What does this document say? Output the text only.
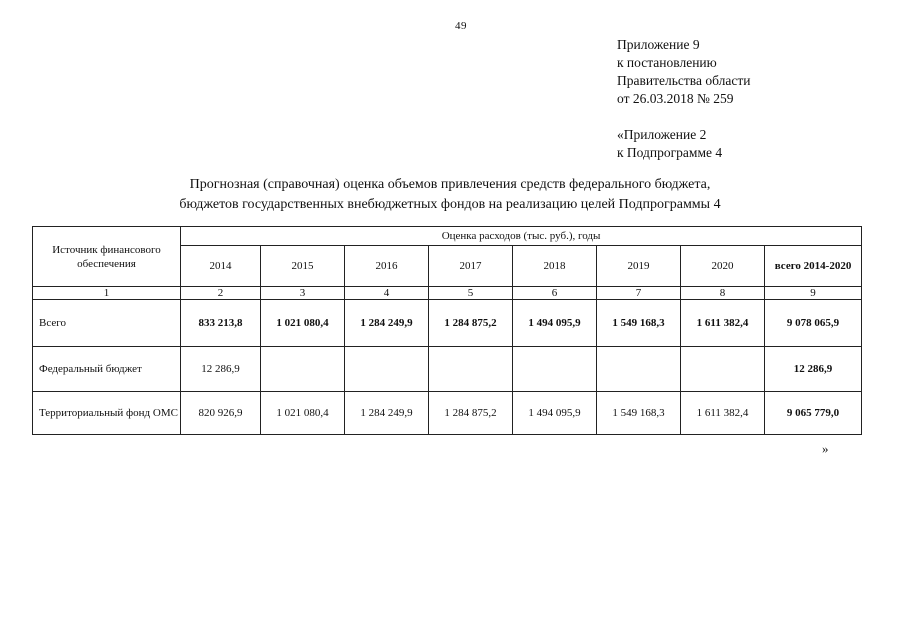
49
Приложение 9
к постановлению
Правительства области
от 26.03.2018 № 259
«Приложение 2
к Подпрограмме 4
Прогнозная (справочная) оценка объемов привлечения средств федерального бюджета,
бюджетов государственных внебюджетных фондов на реализацию целей Подпрограммы 4
Источник финансового обеспечения	Оценка расходов (тыс. руб.), годы							
	2014	2015	2016	2017	2018	2019	2020	всего 2014-2020
1	2	3	4	5	6	7	8	9
Всего	833 213,8	1 021 080,4	1 284 249,9	1 284 875,2	1 494 095,9	1 549 168,3	1 611 382,4	9 078 065,9
Федеральный бюджет	12 286,9							12 286,9
Территориальный фонд ОМС	820 926,9	1 021 080,4	1 284 249,9	1 284 875,2	1 494 095,9	1 549 168,3	1 611 382,4	9 065 779,0
»
